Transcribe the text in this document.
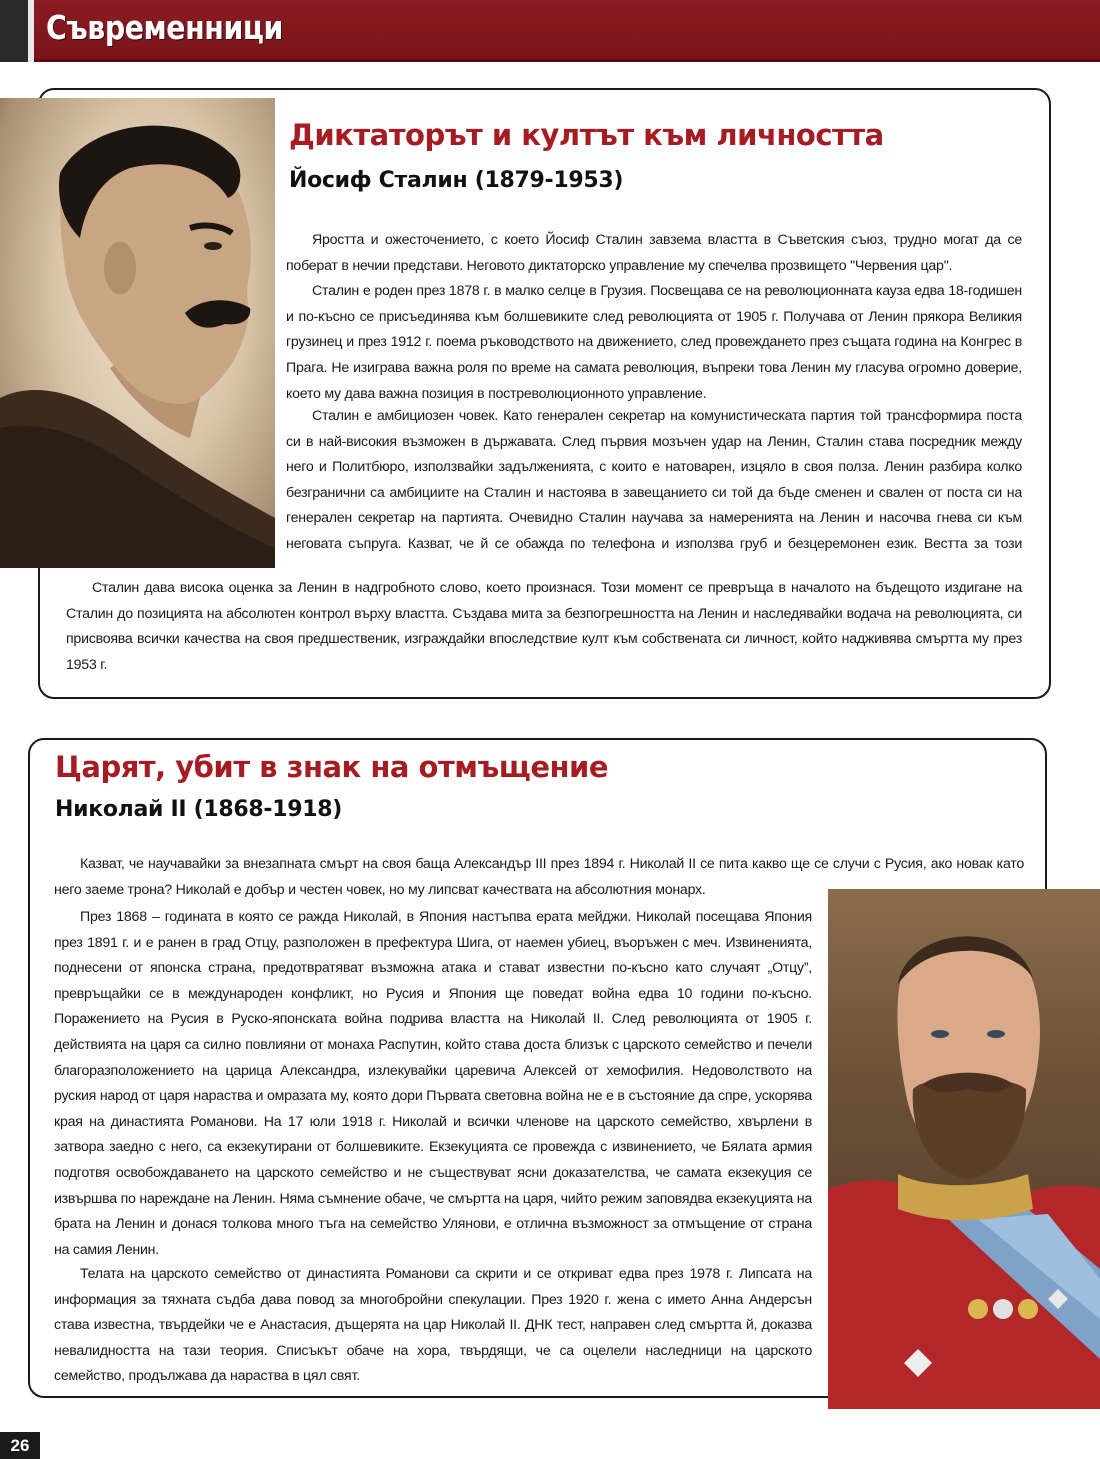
Съвременници
Диктаторът и култът към личността
Йосиф Сталин (1879-1953)

Яростта и ожесточението, с което Йосиф Сталин завзема властта в Съветския съюз, трудно могат да се поберат в нечии представи. Неговото диктаторско управление му спечелва прозвището "Червения цар".

Сталин е роден през 1878 г. в малко селце в Грузия. Посвещава се на революционната кауза едва 18-годишен и по-късно се присъединява към болшевиките след революцията от 1905 г. Получава от Ленин прякора Великия грузинец и през 1912 г. поема ръководството на движението, след провеждането през същата година на Конгрес в Прага. Не изиграва важна роля по време на самата революция, въпреки това Ленин му гласува огромно доверие, което му дава важна позиция в постреволюционното управление.

Сталин е амбициозен човек. Като генерален секретар на комунистическата партия той трансформира поста си в най-високия възможен в държавата. След първия мозъчен удар на Ленин, Сталин става посредник между него и Политбюро, използвайки задълженията, с които е натоварен, изцяло в своя полза. Ленин разбира колко безгранични са амбициите на Сталин и настоява в завещанието си той да бъде сменен и свален от поста си на генерален секретар на партията. Очевидно Сталин научава за намеренията на Ленин и насочва гнева си към неговата съпруга. Казват, че й се обажда по телефона и използва груб и безцеремонен език. Вестта за този

Сталин дава висока оценка за Ленин в надгробното слово, което произнася. Този момент се превръща в началото на бъдещото издигане на Сталин до позицията на абсолютен контрол върху властта. Създава мита за безпогрешността на Ленин и наследявайки водача на революцията, си присвоява всички качества на своя предшественик, изграждайки впоследствие култ към собствената си личност, който надживява смъртта му през 1953 г.

Царят, убит в знак на отмъщение
Николай II (1868-1918)

Казват, че научавайки за внезапната смърт на своя баща Александър III през 1894 г. Николай II се пита какво ще се случи с Русия, ако новак като него заеме трона? Николай е добър и честен човек, но му липсват качествата на абсолютния монарх.

През 1868 – годината в която се ражда Николай, в Япония настъпва ерата мейджи. Николай посещава Япония през 1891 г. и е ранен в град Отцу, разположен в префектура Шига, от наемен убиец, въоръжен с меч. Извиненията, поднесени от японска страна, предотвратяват възможна атака и стават известни по-късно като случаят „Отцу”, превръщайки се в международен конфликт, но Русия и Япония ще поведат война едва 10 години по-късно. Поражението на Русия в Руско-японската война подрива властта на Николай II. След революцията от 1905 г. действията на царя са силно повлияни от монаха Распутин, който става доста близък с царското семейство и печели благоразположението на царица Александра, излекувайки царевича Алексей от хемофилия. Недоволството на руския народ от царя нараства и омразата му, която дори Първата световна война не е в състояние да спре, ускорява края на династията Романови. На 17 юли 1918 г. Николай и всички членове на царското семейство, хвърлени в затвора заедно с него, са екзекутирани от болшевиките. Екзекуцията се провежда с извинението, че Бялата армия подготвя освобождаването на царското семейство и не съществуват ясни доказателства, че самата екзекуция се извършва по нареждане на Ленин. Няма съмнение обаче, че смъртта на царя, чийто режим заповядва екзекуцията на брата на Ленин и донася толкова много тъга на семейство Улянови, е отлична възможност за отмъщение от страна на самия Ленин.

Телата на царското семейство от династията Романови са скрити и се откриват едва през 1978 г. Липсата на информация за тяхната съдба дава повод за многобройни спекулации. През 1920 г. жена с името Анна Андерсън става известна, твърдейки че е Анастасия, дъщерята на цар Николай II. ДНК тест, направен след смъртта й, доказва невалидността на тази теория. Списъкът обаче на хора, твърдящи, че са оцелели наследници на царското семейство, продължава да нараства в цял свят.

26
